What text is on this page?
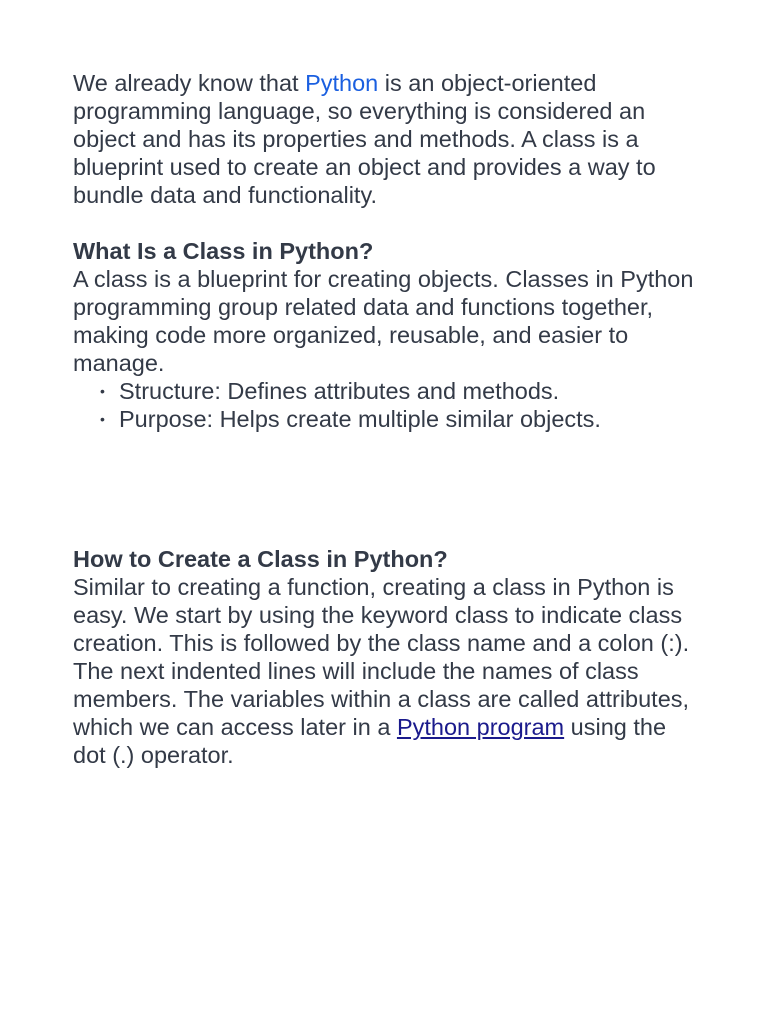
We already know that Python is an object-oriented programming language, so everything is considered an object and has its properties and methods. A class is a blueprint used to create an object and provides a way to bundle data and functionality.

What Is a Class in Python?

A class is a blueprint for creating objects. Classes in Python programming group related data and functions together, making code more organized, reusable, and easier to manage.

• Structure: Defines attributes and methods.
• Purpose: Helps create multiple similar objects.
How to Create a Class in Python?

Similar to creating a function, creating a class in Python is easy. We start by using the keyword class to indicate class creation. This is followed by the class name and a colon (:).

The next indented lines will include the names of class members. The variables within a class are called attributes, which we can access later in a Python program using the dot (.) operator.
